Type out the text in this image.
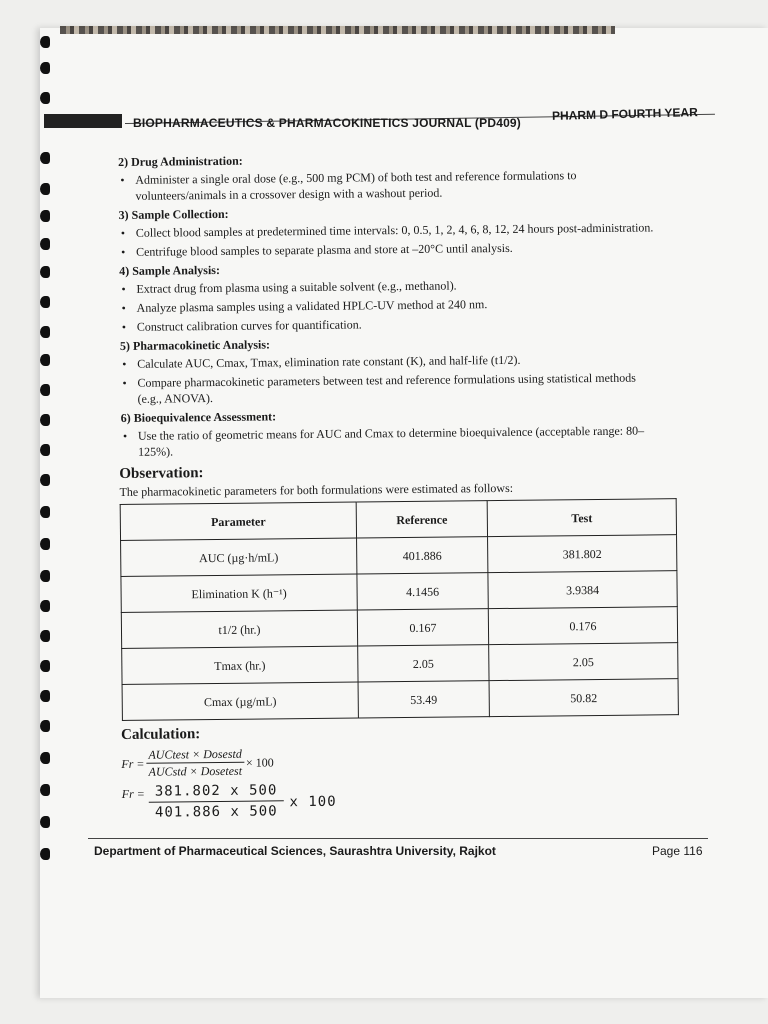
BIOPHARMACEUTICS & PHARMACOKINETICS JOURNAL (PD409)
PHARM D FOURTH YEAR

2) Drug Administration:

• Administer a single oral dose (e.g., 500 mg PCM) of both test and reference formulations to volunteers/animals in a crossover design with a washout period.

3) Sample Collection:

• Collect blood samples at predetermined time intervals: 0, 0.5, 1, 2, 4, 6, 8, 12, 24 hours post-administration.
• Centrifuge blood samples to separate plasma and store at –20°C until analysis.

4) Sample Analysis:

• Extract drug from plasma using a suitable solvent (e.g., methanol).
• Analyze plasma samples using a validated HPLC-UV method at 240 nm.
• Construct calibration curves for quantification.

5) Pharmacokinetic Analysis:

• Calculate AUC, Cmax, Tmax, elimination rate constant (K), and half-life (t1/2).
• Compare pharmacokinetic parameters between test and reference formulations using statistical methods (e.g., ANOVA).

6) Bioequivalence Assessment:

• Use the ratio of geometric means for AUC and Cmax to determine bioequivalence (acceptable range: 80–125%).
Observation:
The pharmacokinetic parameters for both formulations were estimated as follows:
Parameter	Reference	Test
AUC (µg·h/mL)	401.886	381.802
Elimination K (h⁻¹)	4.1456	3.9384
t1/2 (hr.)	0.167	0.176
Tmax (hr.)	2.05	2.05
Cmax (µg/mL)	53.49	50.82
Calculation:
$Fr = \frac{\text{AUCtest × Dosestd}}{\text{AUCstd × Dosetest}} \times 100$
$Fr = \frac{381.802 x 500}{401.886 x 500}$ x 100
Department of Pharmaceutical Sciences, Saurashtra University, Rajkot	Page 116
